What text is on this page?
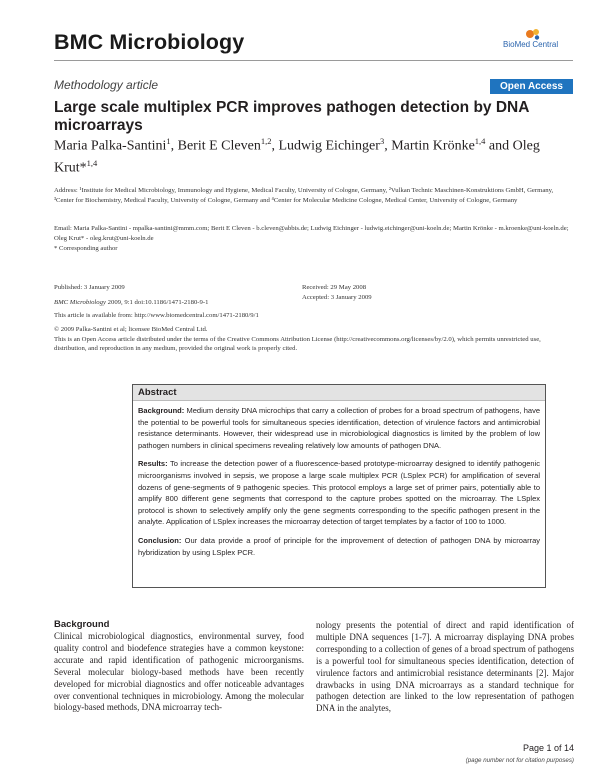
BMC Microbiology	BioMed Central
Methodology article	Open Access
Large scale multiplex PCR improves pathogen detection by DNA microarrays
Maria Palka-Santini$^1$, Berit E Cleven$^{1,2}$, Ludwig Eichinger$^3$, Martin Krönke$^{1,4}$ and Oleg Krut*$^{1,4}$
Address: ¹Institute for Medical Microbiology, Immunology and Hygiene, Medical Faculty, University of Cologne, Germany, ²Vulkan Technic Maschinen-Konstruktions GmbH, Germany, ³Center for Biochemistry, Medical Faculty, University of Cologne, Germany and ⁴Center for Molecular Medicine Cologne, Medical Center, University of Cologne, Germany
Email: Maria Palka-Santini - mpalka-santini@mmm.com; Berit E Cleven - b.cleven@abbis.de; Ludwig Eichinger - ludwig.eichinger@uni-koeln.de; Martin Krönke - m.kroenke@uni-koeln.de; Oleg Krut* - oleg.krut@uni-koeln.de
* Corresponding author
Published: 3 January 2009	Received: 29 May 2008
Accepted: 3 January 2009
BMC Microbiology 2009, 9:1 doi:10.1186/1471-2180-9-1
This article is available from: http://www.biomedcentral.com/1471-2180/9/1
© 2009 Palka-Santini et al; licensee BioMed Central Ltd.
This is an Open Access article distributed under the terms of the Creative Commons Attribution License (http://creativecommons.org/licenses/by/2.0), which permits unrestricted use, distribution, and reproduction in any medium, provided the original work is properly cited.
Abstract

Background: Medium density DNA microchips that carry a collection of probes for a broad spectrum of pathogens, have the potential to be powerful tools for simultaneous species identification, detection of virulence factors and antimicrobial resistance determinants. However, their widespread use in microbiological diagnostics is limited by the problem of low pathogen numbers in clinical specimens revealing relatively low amounts of pathogen DNA.

Results: To increase the detection power of a fluorescence-based prototype-microarray designed to identify pathogenic microorganisms involved in sepsis, we propose a large scale multiplex PCR (LSplex PCR) for amplification of several dozens of gene-segments of 9 pathogenic species. This protocol employs a large set of primer pairs, potentially able to amplify 800 different gene segments that correspond to the capture probes spotted on the microarray. The LSplex protocol is shown to selectively amplify only the gene segments corresponding to the specific pathogen present in the analyte. Application of LSplex increases the microarray detection of target templates by a factor of 100 to 1000.

Conclusion: Our data provide a proof of principle for the improvement of detection of pathogen DNA by microarray hybridization by using LSplex PCR.

Background
Clinical microbiological diagnostics, environmental survey, food quality control and biodefence strategies have a common keystone: accurate and rapid identification of pathogenic microorganisms. Several molecular biology-based methods have been recently developed for microbial diagnostics and offer noticeable advantages over conventional techniques in microbiology. Among the molecular biology-based methods, DNA microarray tech-
nology presents the potential of direct and rapid identification of multiple DNA sequences [1-7]. A microarray displaying DNA probes corresponding to a collection of genes of a broad spectrum of pathogens is a powerful tool for simultaneous species identification, detection of virulence factors and antimicrobial resistance determinants [2]. Major drawbacks in using DNA microarrays as a standard technique for pathogen detection are linked to the low representation of pathogen DNA in the analytes,
Page 1 of 14
(page number not for citation purposes)
